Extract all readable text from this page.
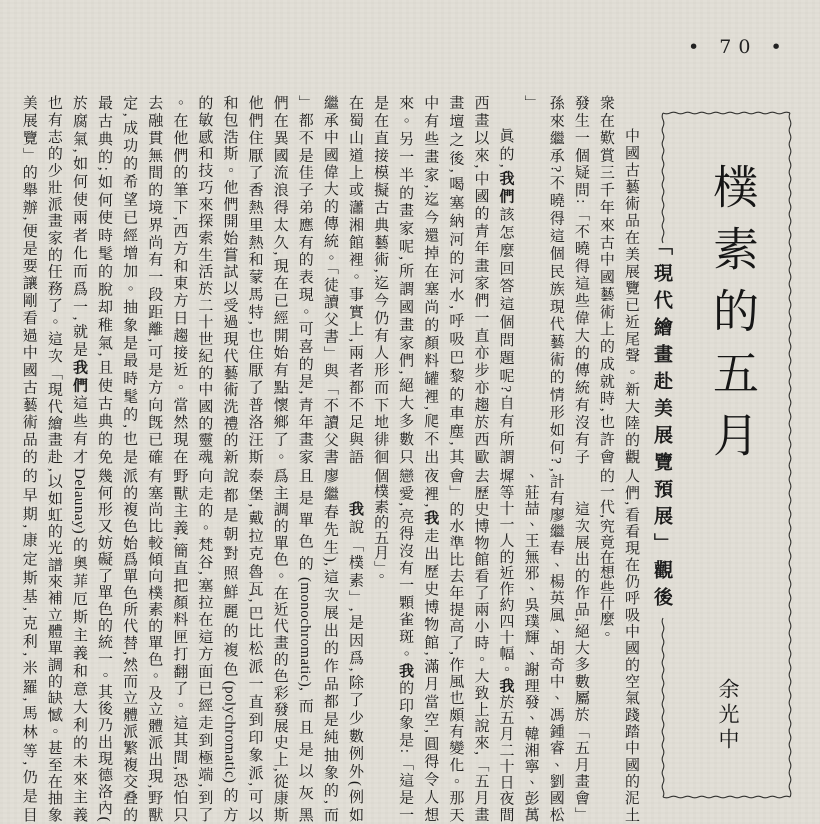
• 70 •

中國古藝術品在美展覽已近尾聲。新大陸的觀

衆在歎賞三千年來古中國藝術上的成就時,也許會

發生一個疑問:「不曉得這些偉大的傳統有沒有子

孫來繼承?不曉得這個民族現代藝術的情形如何?

」

眞的,我們該怎麼回答這個問題呢?自有所謂

西畫以來,中國的青年畫家們一直亦步亦趨於西歐

畫壇之後,喝塞納河的河水,呼吸巴黎的車塵,其

中有些畫家,迄今還掉在塞尚的顏料罐裡,爬不出

來。另一半的畫家呢,所謂國畫家們,絕大多數只

是在直接模擬古典藝術,迄今仍有人形而下地徘徊

在蜀山道上或瀟湘館裡。事實上,兩者都不足與語

繼承中國偉大的傳統。「徒讀父書」與「不讀父書

」都不是佳子弟應有的表現。可喜的是,青年畫家

們在異國流浪得太久,現在已經開始有點懷鄉了。

他們住厭了香熱里熱和蒙馬特,也住厭了普洛汪斯

和包浩斯。他們開始嘗試以受過現代藝術洗禮的新

的敏感和技巧來探索生活於二十世紀的中國的靈魂

。在他們的筆下,西方和東方日趨接近。當然現在

去融貫無間的境界尚有一段距離,可是方向旣已確

定,成功的希望已經增加。抽象是最時髦的,也是

最古典的;如何使時髦的脫却稚氣,且使古典的免

於腐氣,如何使兩者化而爲一,就是我們這些有才

也有志的少壯派畫家的任務了。這次「現代繪畫赴

美展覽」的舉辦,便是要讓剛看過中國古藝術品的

人們,看看現在仍呼吸中國的空氣踐踏中國的泥土

的一代,究竟在想些什麼。

這次展出的作品,絕大多數屬於「五月畫會」

,計有廖繼春、楊英風、胡奇中、馮鍾睿、劉國松

、莊喆、王無邪、吳璞輝、謝理發、韓湘寧、彭萬

墀等十一人的近作約四十幅。我於五月二十日夜間

去歷史博物館看了兩小時。大致上說來,「五月畫

會」的水準比去年提高了,作風也頗有變化。那天

夜裡,我走出歷史博物館,滿月當空,圓得令人想

戀愛,亮得沒有一顆雀斑。我的印象是:「這是一

個樸素的五月」。

我說「樸素」,是因爲,除了少數例外(例如

廖繼春先生),這次展出的作品都是純抽象的,而

且是單色的(monochromatic),而且是以灰黑

爲主調的單色。在近代畫的色彩發展史上,從康斯

泰堡,戴拉克魯瓦,巴比松派一直到印象派,可以

說都是朝對照鮮麗的複色(polychromatic)的方

向走的。梵谷,塞拉在這方面已經走到極端,到了

野獸主義,簡直把顏料匣打翻了。這其間,恐怕只

有塞尚比較傾向樸素的單色。及立體派出現,野獸

派的複色始爲單色所代替,然而立體派繁複交叠的

幾何形又妨礙了單色的統一。其後乃出現德洛內(

Delaunay)的奧菲厄斯主義和意大利的未來主義

,以如虹的光譜來補立體單調的缺憾。甚至在抽象

的早期,康定斯基,克利,米羅,馬林等,仍是目

樸素的五月
「現代繪畫赴美展覽預展」觀後
余光中
